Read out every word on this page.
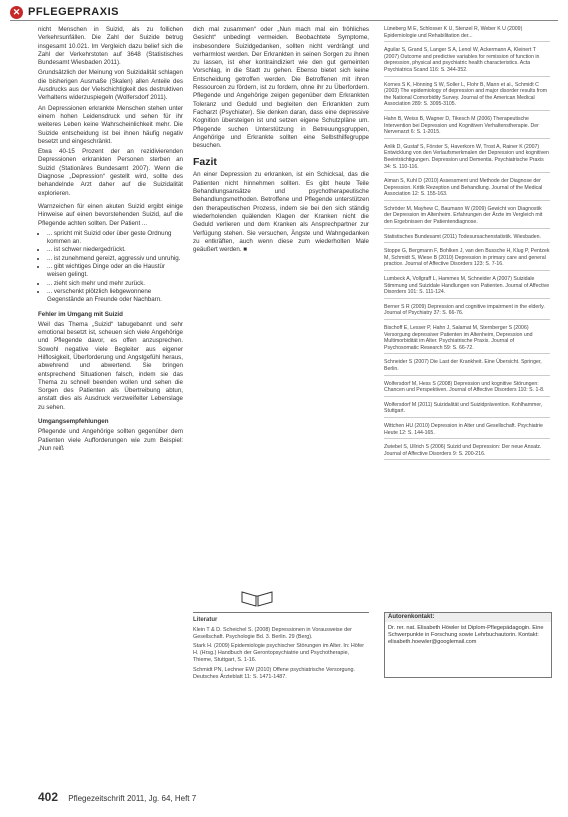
✕ PFLEGEPRAXIS

nicht Menschen in Suizid, als zu follichen Verkehrsunfällen. Die Zahl der Suizide betrug insgesamt 10.021. Im Vergleich dazu belief sich die Zahl der Verkehrstoten auf 3648 (Statistisches Bundesamt Wiesbaden 2011).

Grundsätzlich der Meinung von Suizidalität schlagen die bisherigen Ausmaße (Skalen) allen Anteile des Ausdrucks aus der Vielschichtigkeit des destruktiven Verhaltens widerzuspiegeln (Wolfersdorf 2011).

An Depressionen erkrankte Menschen stehen unter einem hohen Leidensdruck und sehen für ihr weiteres Leben keine Wahrscheinlichkeit mehr. Die Suizide entscheidung ist bei ihnen häufig negativ besetzt und eingeschränkt.

Etwa 40-15 Prozent der an rezidivierenden Depressionen erkrankten Personen sterben an Suizid (Stationäres Bundesamt 2007). Wenn die Diagnose „Depression“ gestellt wird, sollte des behandelnde Arzt daher auf die Suizidalität explorieren.

Warnzeichen für einen akuten Suizid ergibt einige Hinweise auf einen bevorstehenden Suizid, auf die Pflegende achten sollten. Der Patient ...

• ... spricht mit Suizid oder über geste Ordnung kommen an.
• ... ist schwer niedergedrückt.
• ... ist zunehmend gereizt, aggressiv und unruhig.
• ... gibt wichtiges Dinge oder an die Haustür weisen gelingt.
• ... zieht sich mehr und mehr zurück.
• ... verschenkt plötzlich liebgewonnene Gegenstände an Freunde oder Nachbarn.

Fehler im Umgang mit Suizid

Weil das Thema „Suizid“ tabugebannt und sehr emotional besetzt ist, scheuen sich viele Angehörige und Pflegende davor, es offen anzusprechen. Sowohl negative viele Begleiter aus eigener Hilflosigkeit, Überforderung und Angstgefühl heraus, abwehrend und abwertend. Sie bringen entsprechend Situationen falsch, indem sie das Thema zu schnell beenden wollen und sehen die Sorgen des Patienten als Übertreibung abtun, anstatt dies als Ausdruck verzweifelter Lebenslage zu sehen.

Umgangsempfehlungen

Pflegende und Angehörige sollten gegenüber dem Patienten viele Aufforderungen wie zum Beispiel: „Nun reiß

dich mal zusammen“ oder „Nun mach mal ein fröhliches Gesicht“ unbedingt vermeiden. Beobachtete Symptome, insbesondere Suizidgedanken, sollten nicht verdrängt und verharmlost werden. Der Erkrankten in seinen Sorgen zu ihnen zu lassen, ist eher kontraindiziert wie den gut gemeinten Vorschlag, in die Stadt zu gehen. Ebenso bietet sich keine Entscheidung getroffen werden. Die Betroffenen mit ihren Ressourcen zu fördern, ist zu fordern, ohne ihr zu Überfordern. Pflegende und Angehörige zeigen gegenüber dem Erkrankten Toleranz und Geduld und begleiten den Erkrankten zum Facharzt (Psychiater). Sie denken daran, dass eine depressive Kognition übersteigen ist und setzen eigene Schutzpläne um. Pflegende suchen Unterstützung in Betreuungsgruppen, Angehörige und Erkrankte sollten eine Selbsthilfegruppe besuchen.

Fazit

An einer Depression zu erkranken, ist ein Schicksal, das die Patienten nicht hinnehmen sollten. Es gibt heute Teile Behandlungsansätze und psychotherapeutische Behandlungsmethoden. Betroffene und Pflegende unterstützen den therapeutischen Prozess, indem sie bei den sich ständig wiederholenden quälenden Klagen der Kranken nicht die Geduld verlieren und dem Kranken als Ansprechpartner zur Verfügung stehen. Sie versuchen, Ängste und Wahngedanken zu entkräften, auch wenn diese zum wiederholten Male geäußert werden. ■

Literatur
Klein T & D. Scheichel S. (2008) Depressionen in Vorausweise der Gesellschaft. Psychologie Bd. 3. Berlin. 29 (Berg).
Stark H. (2009) Epidemiologie psychischer Störungen im Alter. In: Höfer H. (Hrsg.) Handbuch der Gerontopsychiatrie und Psychotherapie, Thieme, Stuttgart, S. 1-16.
Schmidt PN, Lechner EW (2010) Offene psychiatrische Versorgung. Deutsches Ärzteblatt 11: S. 1471-1487.
Lüneberg M E, Schlosser K U, Stenzel R, Weber K U (2009) Epidemiologie und Rehabilitation der...
Aguilar S, Grand S, Langer S A, Lenol W, Ackermann A, Kleinert T (2007) Outcome and predictive variables for remission of function in depression, physical and psychiatric health characteristics. Acta Psychiatrica Scand 116: S. 344-352.
Kornes S K, Hönning S W, Soller L, Flohr B, Mann et al., Schmidt C (2003) The epidemiology of depression and major disorder results from the National Comorbidity Survey. Journal of the American Medical Association 289: S. 3095-3105.
Hahn B, Weiss B, Wagner D, Tikesch M (2006) Therapeutische Intervention bei Depression und Kognitiven Verhaltenstherapie. Der Nervenarzt 6: S. 1-2015.
Anlik D, Gustaf S, Förster S, Haverkorn W, Trost A, Rainer K (2007) Entwicklung von den Verlaufsmerkmalen der Depression und kognitiven Beeinträchtigungen. Depression und Dementia. Psychiatrische Praxis 34: S. 110-116.
Aiman S, Kuhl D (2010) Assessment und Methode der Diagnose der Depression. Kritik Rezeption und Behandlung. Journal of the Medical Association 12: S. 155-163.
Schröder M, Mayhew C, Baumann W (2009) Gewicht von Diagnostik der Depression im Altenheim. Erfahrungen der Ärzte im Vergleich mit den Ergebnissen der Patientendiagnose.
Statistisches Bundesamt (2011) Todesursachenstatistik. Wiesbaden.
Stoppe G, Bergmann F, Bohlken J, van den Bussche H, Klug P, Pentzek M, Schmidt S, Wiese B (2010) Depression in primary care and general practice. Journal of Affective Disorders 123: S. 7-16.
Lumbeck A, Vollgraff L, Hammes M, Schneider A (2007) Suizidale Stimmung und Suizidale Handlungen von Patienten. Journal of Affective Disorders 101: S. 111-124.
Berner S R (2009) Depression and cognitive impairment in the elderly. Journal of Psychiatry 37: S. 66-76.
Bischoff E, Lesser P, Hahn J, Salamat M, Sternberger S (2006) Versorgung depressiver Patienten im Altenheim, Depression und Multimorbidität im Alter. Psychiatrische Praxis. Journal of Psychosomatic Research 59: S. 66-72.
Schneider S (2007) Die Last der Krankheit. Eine Übersicht. Springer, Berlin.
Wolfersdorf M, Hess S (2008) Depression und kognitive Störungen: Chancen und Perspektiven. Journal of Affective Disorders 110: S. 1-8.
Wolfersdorf M (2011) Suizidalität und Suizidprävention. Kohlhammer, Stuttgart.
Wittchen HU (2010) Depression in Alter und Gesellschaft. Psychiatrie Heute 12: S. 144-165.
Zwiebel S, Ullrich S (2006) Suizid und Depression: Der neue Ansatz. Journal of Affective Disorders 9: S. 200-216.
Autorenkontakt:
Dr. rer. nat. Elisabeth Höwler ist Diplom-Pflegepädagogin. Eine Schwerpunkte in Forschung sowie Lehrbuchautorin. Kontakt: elisabeth.hoewler@googlemail.com
402 Pflegezeitschrift 2011, Jg. 64, Heft 7
